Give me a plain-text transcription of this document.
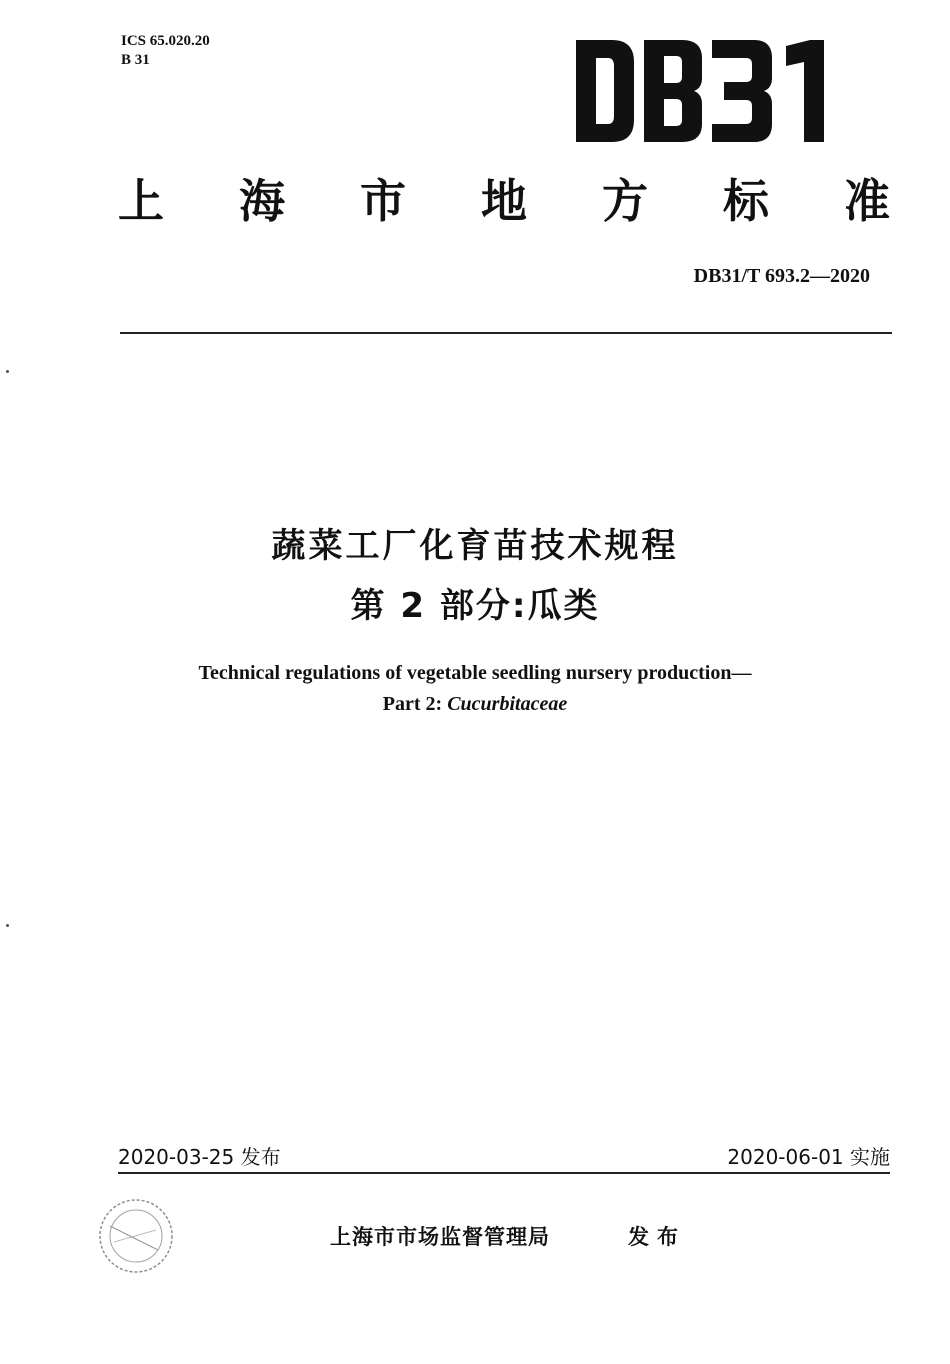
ICS 65.020.20
B 31
上 海 市 地 方 标 准
DB31/T 693.2—2020
蔬菜工厂化育苗技术规程
第 2 部分:瓜类
Technical regulations of vegetable seedling nursery production—
Part 2: Cucurbitaceae
2020-03-25 发布	2020-06-01 实施
上海市市场监督管理局	发布
